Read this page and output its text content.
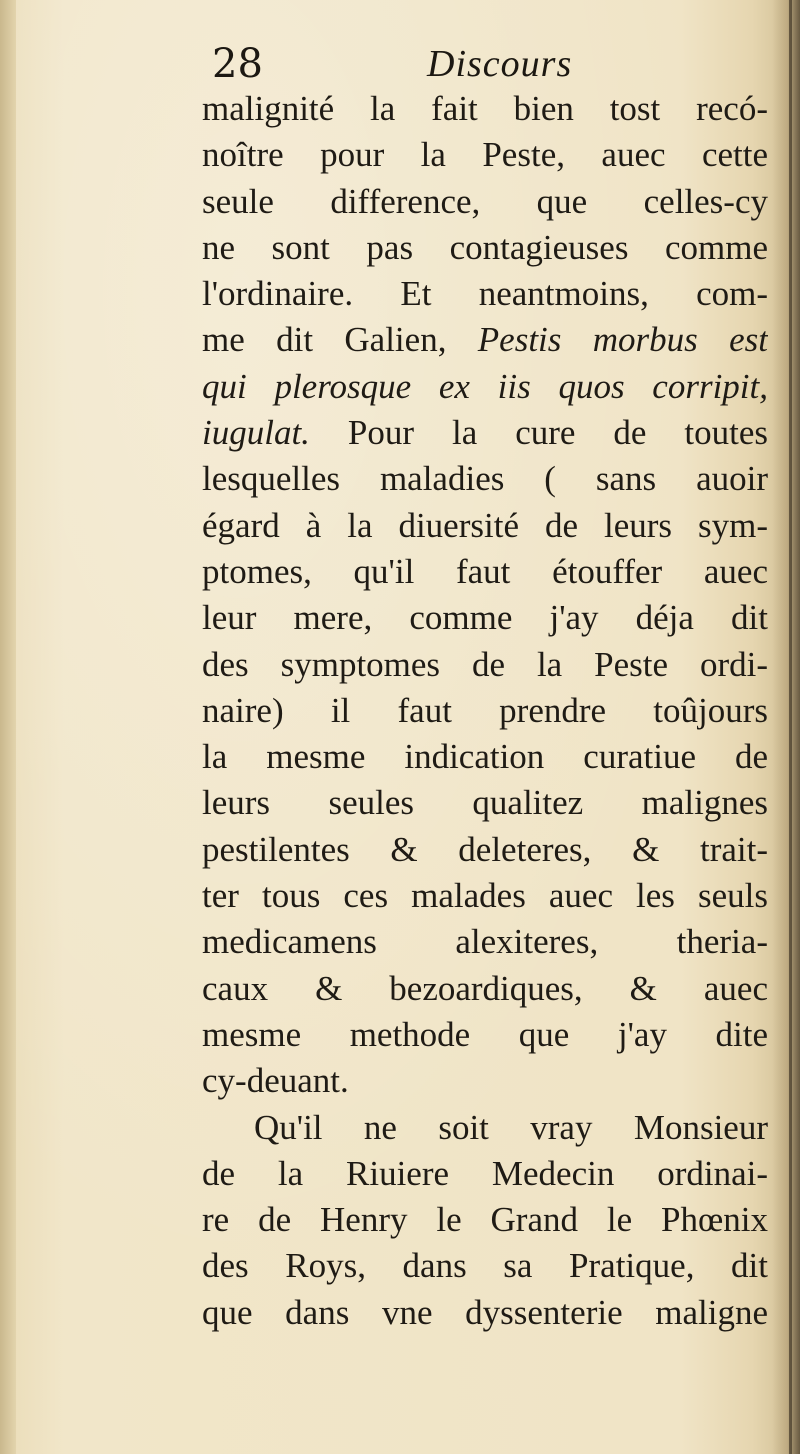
28	Discours
malignité la fait bien tost recó-
noître pour la Peste, auec cette
seule difference, que celles-cy
ne sont pas contagieuses comme
l'ordinaire. Et neantmoins, com-
me dit Galien, Pestis morbus est
qui plerosque ex iis quos corripit,
iugulat. Pour la cure de toutes
lesquelles maladies ( sans auoir
égard à la diuersité de leurs sym-
ptomes, qu'il faut étouffer auec
leur mere, comme j'ay déja dit
des symptomes de la Peste ordi-
naire) il faut prendre toûjours
la mesme indication curatiue de
leurs seules qualitez malignes
pestilentes & deleteres, & trait-
ter tous ces malades auec les seuls
medicamens alexiteres, theria-
caux & bezoardiques, & auec
mesme methode que j'ay dite
cy-deuant.
Qu'il ne soit vray Monsieur
de la Riuiere Medecin ordinai-
re de Henry le Grand le Phœnix
des Roys, dans sa Pratique, dit
que dans vne dyssenterie maligne
